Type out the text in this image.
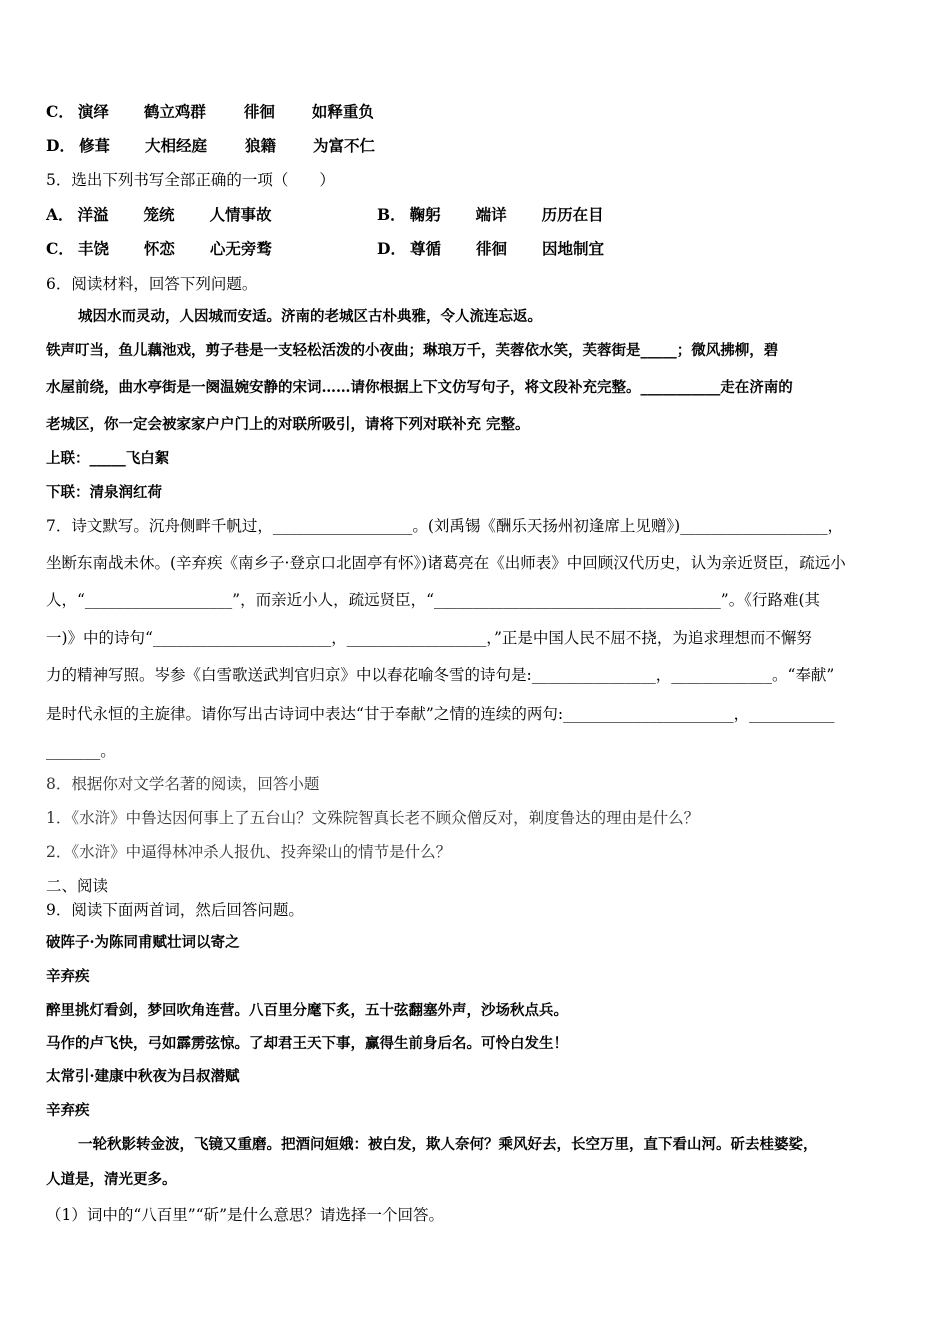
C． 演绎 鹤立鸡群 徘徊 如释重负
D． 修葺 大相经庭 狼籍 为富不仁
5．选出下列书写全部正确的一项（　　）
A． 洋溢 笼统 人情事故	B． 鞠躬 端详 历历在目
C． 丰饶 怀恋 心无旁骛	D． 尊循 徘徊 因地制宜
6．阅读材料，回答下列问题。
城因水而灵动，人因城而安适。济南的老城区古朴典雅，令人流连忘返。
铁声叮当，鱼儿藕池戏，剪子巷是一支轻松活泼的小夜曲；琳琅万千，芙蓉依水笑，芙蓉街是_____；微风拂柳，碧
水屋前绕，曲水亭街是一阕温婉安静的宋词……请你根据上下文仿写句子，将文段补充完整。___________走在济南的
老城区，你一定会被家家户户门上的对联所吸引，请将下列对联补充 完整。
上联：_____飞白絮
下联：清泉润红荷
7．诗文默写。沉舟侧畔千帆过，__________________。(刘禹锡《酬乐天扬州初逢席上见赠》)___________________，
坐断东南战未休。(辛弃疾《南乡子·登京口北固亭有怀》)诸葛亮在《出师表》中回顾汉代历史，认为亲近贤臣，疏远小
人，“___________________”，而亲近小人，疏远贤臣，“_____________________________________”。《行路难(其
一)》中的诗句“_______________________，__________________，”正是中国人民不屈不挠，为追求理想而不懈努
力的精神写照。岑参《白雪歌送武判官归京》中以春花喻冬雪的诗句是:________________，_____________。“奉献”
是时代永恒的主旋律。请你写出古诗词中表达“甘于奉献”之情的连续的两句:______________________，___________
_______。
8．根据你对文学名著的阅读，回答小题
1．《水浒》中鲁达因何事上了五台山？文殊院智真长老不顾众僧反对，剃度鲁达的理由是什么？
2．《水浒》中逼得林冲杀人报仇、投奔梁山的情节是什么？
二、阅读
9．阅读下面两首词，然后回答问题。
破阵子·为陈同甫赋壮词以寄之
辛弃疾
醉里挑灯看剑，梦回吹角连营。八百里分麾下炙，五十弦翻塞外声，沙场秋点兵。
马作的卢飞快，弓如霹雳弦惊。了却君王天下事，赢得生前身后名。可怜白发生！
太常引·建康中秋夜为吕叔潜赋
辛弃疾
一轮秋影转金波，飞镜又重磨。把酒问姮娥：被白发，欺人奈何？乘风好去，长空万里，直下看山河。斫去桂婆娑，
人道是，清光更多。
（1）词中的“八百里”“斫”是什么意思？请选择一个回答。
